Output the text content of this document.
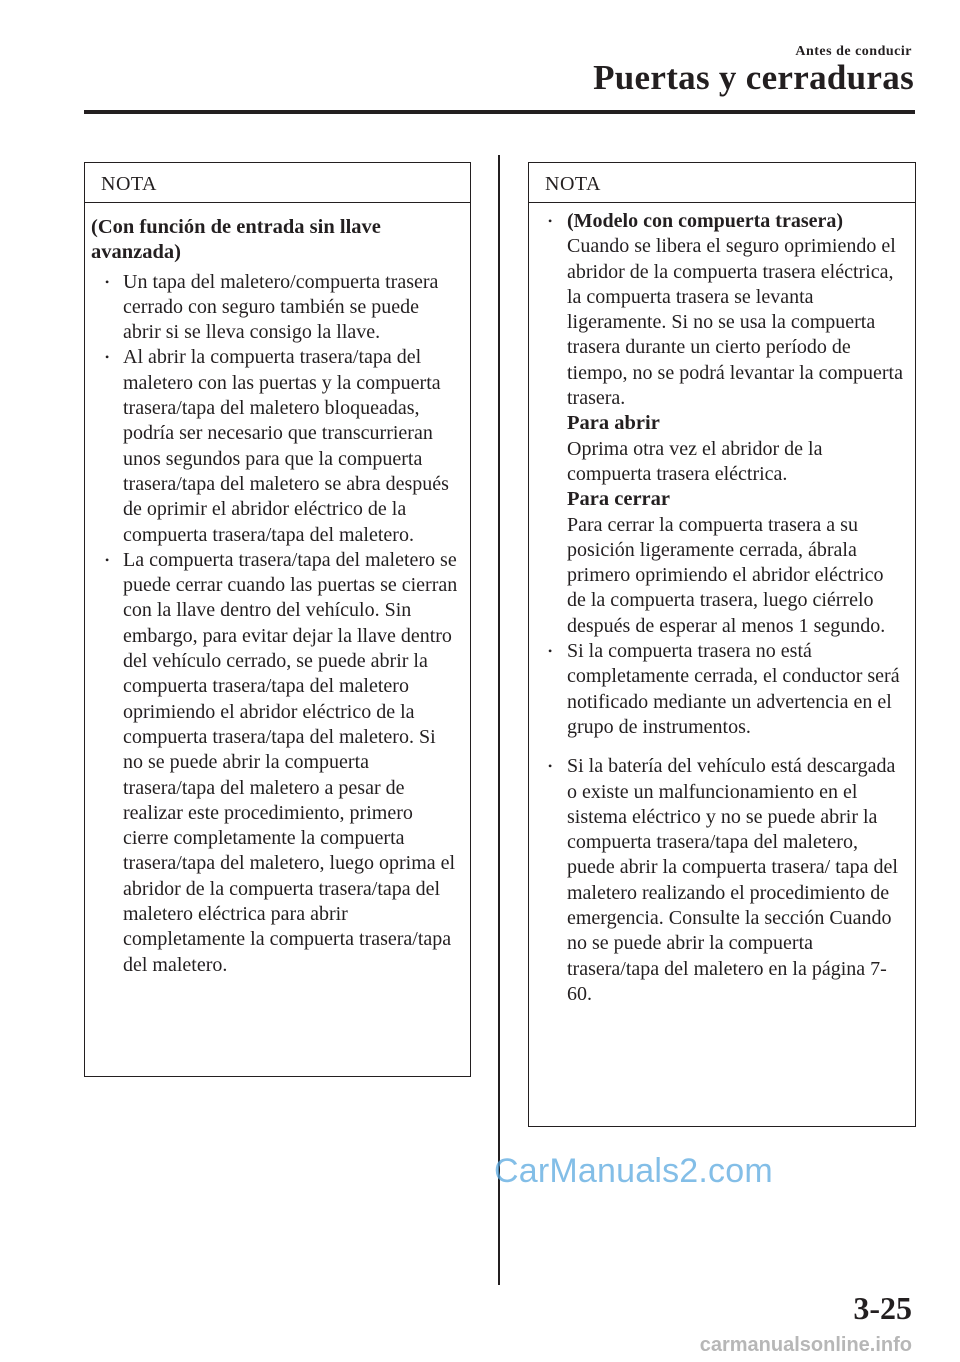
Antes de conducir
Puertas y cerraduras
NOTA
(Con función de entrada sin llave avanzada)
• Un tapa del maletero/compuerta trasera cerrado con seguro también se puede abrir si se lleva consigo la llave.
• Al abrir la compuerta trasera/tapa del maletero con las puertas y la compuerta trasera/tapa del maletero bloqueadas, podría ser necesario que transcurrieran unos segundos para que la compuerta trasera/tapa del maletero se abra después de oprimir el abridor eléctrico de la compuerta trasera/tapa del maletero.
• La compuerta trasera/tapa del maletero se puede cerrar cuando las puertas se cierran con la llave dentro del vehículo. Sin embargo, para evitar dejar la llave dentro del vehículo cerrado, se puede abrir la compuerta trasera/tapa del maletero oprimiendo el abridor eléctrico de la compuerta trasera/tapa del maletero. Si no se puede abrir la compuerta trasera/tapa del maletero a pesar de realizar este procedimiento, primero cierre completamente la compuerta trasera/tapa del maletero, luego oprima el abridor de la compuerta trasera/tapa del maletero eléctrica para abrir completamente la compuerta trasera/tapa del maletero.
NOTA
• (Modelo con compuerta trasera)
Cuando se libera el seguro oprimiendo el abridor de la compuerta trasera eléctrica, la compuerta trasera se levanta ligeramente. Si no se usa la compuerta trasera durante un cierto período de tiempo, no se podrá levantar la compuerta trasera.
Para abrir
Oprima otra vez el abridor de la compuerta trasera eléctrica.
Para cerrar
Para cerrar la compuerta trasera a su posición ligeramente cerrada, ábrala primero oprimiendo el abridor eléctrico de la compuerta trasera, luego ciérrelo después de esperar al menos 1 segundo.
• Si la compuerta trasera no está completamente cerrada, el conductor será notificado mediante un advertencia en el grupo de instrumentos.
• Si la batería del vehículo está descargada o existe un malfuncionamiento en el sistema eléctrico y no se puede abrir la compuerta trasera/tapa del maletero, puede abrir la compuerta trasera/ tapa del maletero realizando el procedimiento de emergencia. Consulte la sección Cuando no se puede abrir la compuerta trasera/tapa del maletero en la página 7-60.
CarManuals2.com
3-25
carmanualsonline.info
